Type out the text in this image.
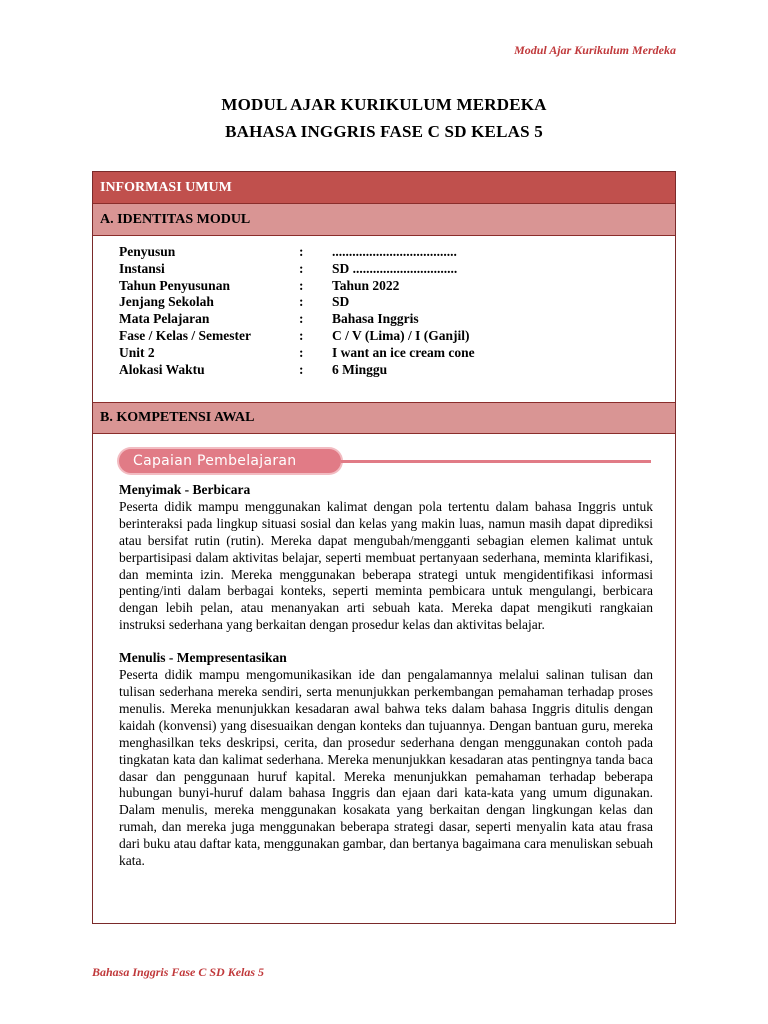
Modul Ajar Kurikulum Merdeka
MODUL AJAR KURIKULUM MERDEKA
BAHASA INGGRIS FASE C SD KELAS 5
INFORMASI UMUM
A. IDENTITAS MODUL
Penyusun	:	.....................................
Instansi	:	SD ...............................
Tahun Penyusunan	:	Tahun 2022
Jenjang Sekolah	:	SD
Mata Pelajaran	:	Bahasa Inggris
Fase / Kelas / Semester	:	C / V (Lima) / I (Ganjil)
Unit 2	:	I want an ice cream cone
Alokasi Waktu	:	6 Minggu
B. KOMPETENSI AWAL
Capaian Pembelajaran
Menyimak - Berbicara

Peserta didik mampu menggunakan kalimat dengan pola tertentu dalam bahasa Inggris untuk berinteraksi pada lingkup situasi sosial dan kelas yang makin luas, namun masih dapat diprediksi atau bersifat rutin (rutin). Mereka dapat mengubah/mengganti sebagian elemen kalimat untuk berpartisipasi dalam aktivitas belajar, seperti membuat pertanyaan sederhana, meminta klarifikasi, dan meminta izin. Mereka menggunakan beberapa strategi untuk mengidentifikasi informasi penting/inti dalam berbagai konteks, seperti meminta pembicara untuk mengulangi, berbicara dengan lebih pelan, atau menanyakan arti sebuah kata. Mereka dapat mengikuti rangkaian instruksi sederhana yang berkaitan dengan prosedur kelas dan aktivitas belajar.

Menulis - Mempresentasikan

Peserta didik mampu mengomunikasikan ide dan pengalamannya melalui salinan tulisan dan tulisan sederhana mereka sendiri, serta menunjukkan perkembangan pemahaman terhadap proses menulis. Mereka menunjukkan kesadaran awal bahwa teks dalam bahasa Inggris ditulis dengan kaidah (konvensi) yang disesuaikan dengan konteks dan tujuannya. Dengan bantuan guru, mereka menghasilkan teks deskripsi, cerita, dan prosedur sederhana dengan menggunakan contoh pada tingkatan kata dan kalimat sederhana. Mereka menunjukkan kesadaran atas pentingnya tanda baca dasar dan penggunaan huruf kapital. Mereka menunjukkan pemahaman terhadap beberapa hubungan bunyi-huruf dalam bahasa Inggris dan ejaan dari kata-kata yang umum digunakan. Dalam menulis, mereka menggunakan kosakata yang berkaitan dengan lingkungan kelas dan rumah, dan mereka juga menggunakan beberapa strategi dasar, seperti menyalin kata atau frasa dari buku atau daftar kata, menggunakan gambar, dan bertanya bagaimana cara menuliskan sebuah kata.

Bahasa Inggris Fase C SD Kelas 5
